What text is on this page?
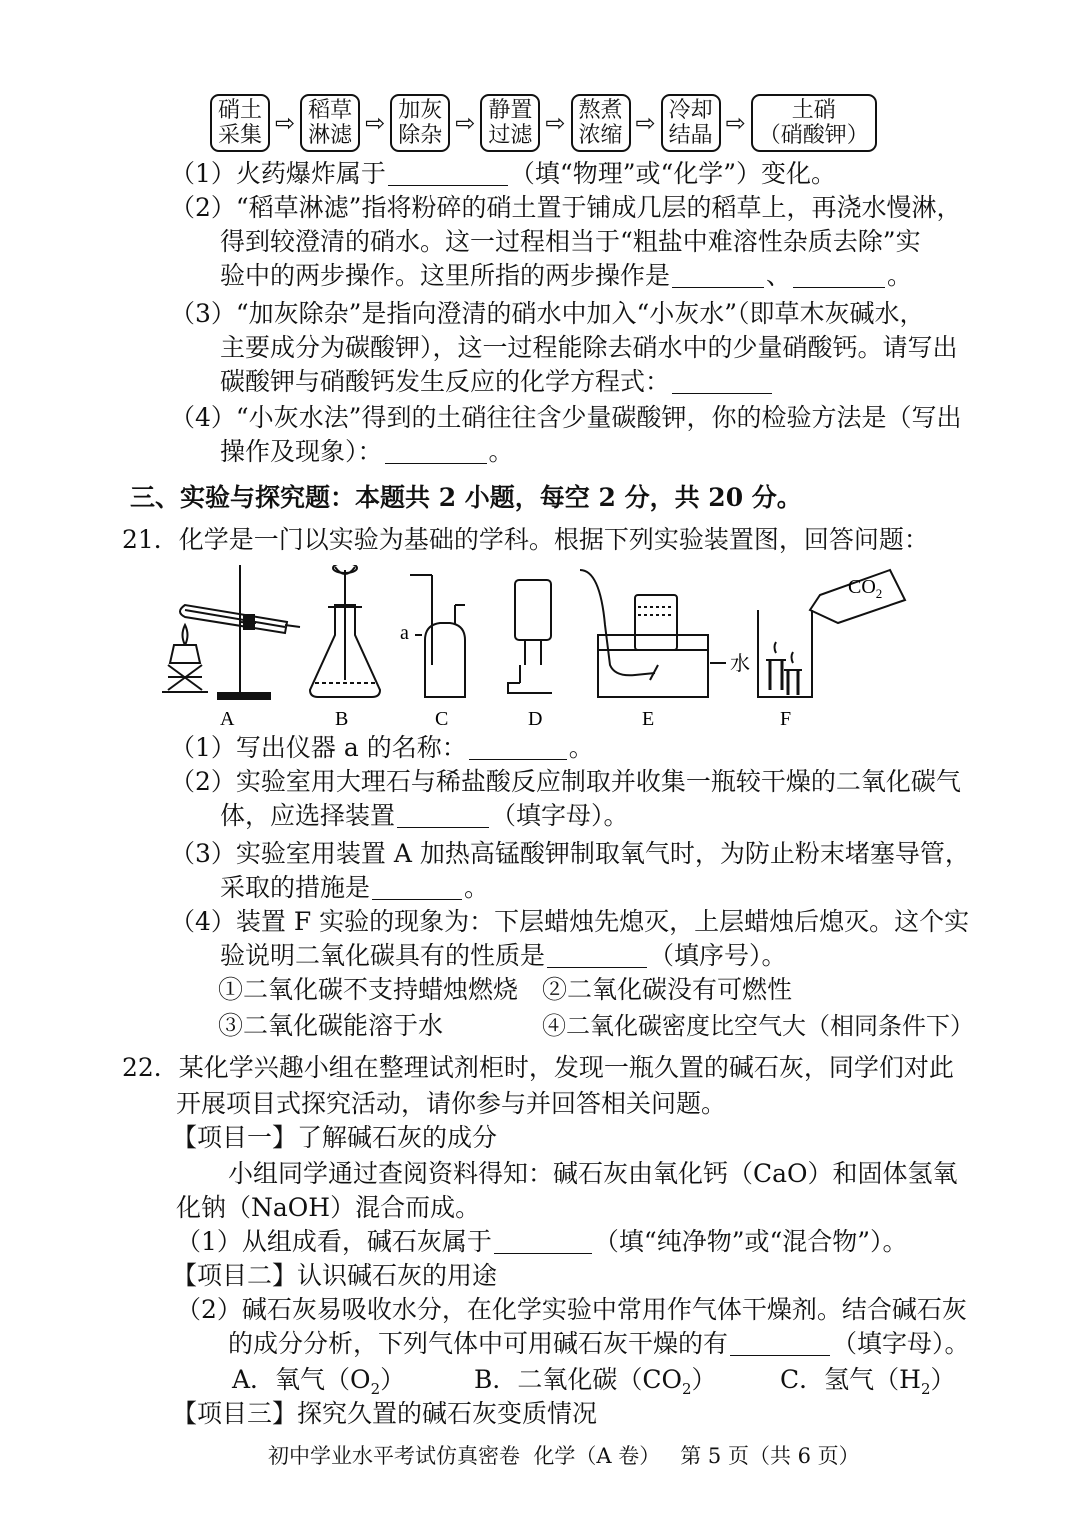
硝土
采集 ⇨ 稻草
淋滤 ⇨ 加灰
除杂 ⇨ 静置
过滤 ⇨ 熬煮
浓缩 ⇨ 冷却
结晶 ⇨	土硝
（硝酸钾）
（1）火药爆炸属于	（填“物理”或“化学”）变化。
（2）“稻草淋滤”指将粉碎的硝土置于铺成几层的稻草上，再浇水慢淋，
得到较澄清的硝水。这一过程相当于“粗盐中难溶性杂质去除”实
验中的两步操作。这里所指的两步操作是	、	。
（3）“加灰除杂”是指向澄清的硝水中加入“小灰水”（即草木灰碱水，
主要成分为碳酸钾），这一过程能除去硝水中的少量硝酸钙。请写出
碳酸钾与硝酸钙发生反应的化学方程式：
（4）“小灰水法”得到的土硝往往含少量碳酸钾，你的检验方法是（写出
操作及现象）：	。
三、实验与探究题：本题共 2 小题，每空 2 分，共 20 分。
21．化学是一门以实验为基础的学科。根据下列实验装置图，回答问题：
a
水
$CO_2$
A	B	C	D	E	F
（1）写出仪器 a 的名称：	。
（2）实验室用大理石与稀盐酸反应制取并收集一瓶较干燥的二氧化碳气
体，应选择装置	（填字母）。
（3）实验室用装置 A 加热高锰酸钾制取氧气时，为防止粉末堵塞导管，
采取的措施是	。
（4）装置 F 实验的现象为：下层蜡烛先熄灭，上层蜡烛后熄灭。这个实
验说明二氧化碳具有的性质是	（填序号）。
①二氧化碳不支持蜡烛燃烧 ②二氧化碳没有可燃性
③二氧化碳能溶于水	④二氧化碳密度比空气大（相同条件下）
22．某化学兴趣小组在整理试剂柜时，发现一瓶久置的碱石灰，同学们对此
开展项目式探究活动，请你参与并回答相关问题。
【项目一】了解碱石灰的成分
小组同学通过查阅资料得知：碱石灰由氧化钙（CaO）和固体氢氧
化钠（NaOH）混合而成。
（1）从组成看，碱石灰属于	（填“纯净物”或“混合物”）。
【项目二】认识碱石灰的用途
（2）碱石灰易吸收水分，在化学实验中常用作气体干燥剂。结合碱石灰
的成分分析，下列气体中可用碱石灰干燥的有	（填字母）。
A．氧气$(O_2)$	B．二氧化碳$(CO_2)$	C．氢气$(H_2)$
【项目三】探究久置的碱石灰变质情况
初中学业水平考试仿真密卷 化学（A 卷） 第 5 页（共 6 页）
